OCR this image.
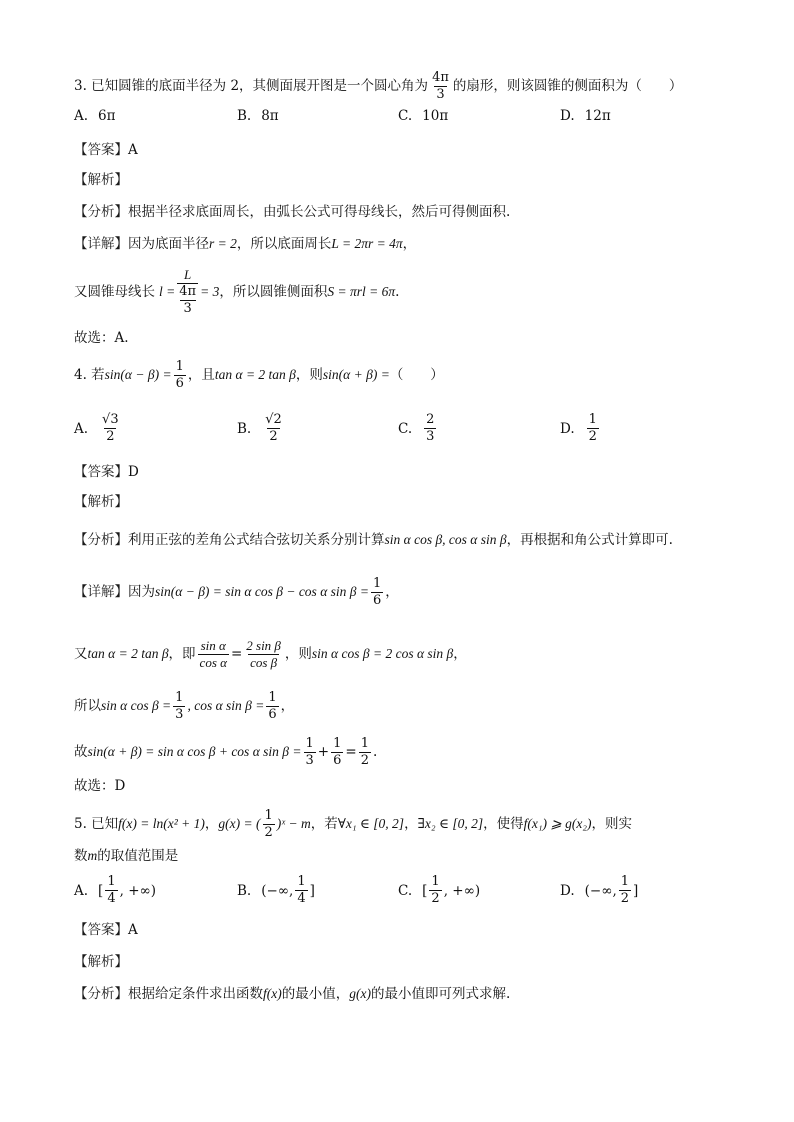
3. 已知圆锥的底面半径为 2，其侧面展开图是一个圆心角为 $\frac{4\pi}{3}$ 的扇形，则该圆锥的侧面积为（　　）
A. 6π	B. 8π	C. 10π	D. 12π
【答案】A
【解析】
【分析】根据半径求底面周长，由弧长公式可得母线长，然后可得侧面积.
【详解】因为底面半径r = 2，所以底面周长L = 2πr = 4π，
又圆锥母线长 $l = \frac{L}{\frac{4\pi}{3}} = 3$ ，所以圆锥侧面积 S = πrl = 6π .
故选：A.
4. 若 $\sin(\alpha - \beta) = \frac{1}{6}$ ，且 tan α = 2 tan β ，则 sin(α + β) = （　　）
A. $\frac{√3}{2}$	B. $\frac{√2}{2}$	C. $\frac{2}{3}$	D. $\frac{1}{2}$
【答案】D
【解析】
【分析】利用正弦的差角公式结合弦切关系分别计算sin α cos β, cos α sin β，再根据和角公式计算即可.
【详解】 因为 sin(α − β) = sin α cos β − cos α $\sin \beta = \frac{1}{6}$ ，
又 tan α = 2 tan β ，即 $\frac{\text{sin α}}{\text{cos α}} = \frac{\text{2 sin β}}{\text{cos β}}$ ，则 sin α cos β = 2 cos α sin β ，
所以 sin α $\cos \beta = \frac{1}{3}$ , cos α $\sin \beta = \frac{1}{6}$ ，
故 sin(α + β) = sin α cos β + cos α $\sin \beta = \frac{1}{3} + \frac{1}{6} = \frac{1}{2}$ .
故选：D
5. 已知 f(x) = ln(x² + 1) ， g(x) = ( $\frac{1}{2}$ )ˣ − m ，若 ∀x₁ ∈ [0, 2] ， ∃x₂ ∈ [0, 2] ，使得 f(x₁) ⩾ g(x₂) ，则实
数m的取值范围是
A. [ $\frac{1}{4}$ , +∞)	B. (−∞, $\frac{1}{4}$ ]	C. [ $\frac{1}{2}$ , +∞)	D. (−∞, $\frac{1}{2}$ ]
【答案】A
【解析】
【分析】根据给定条件求出函数f(x)的最小值，g(x)的最小值即可列式求解.
